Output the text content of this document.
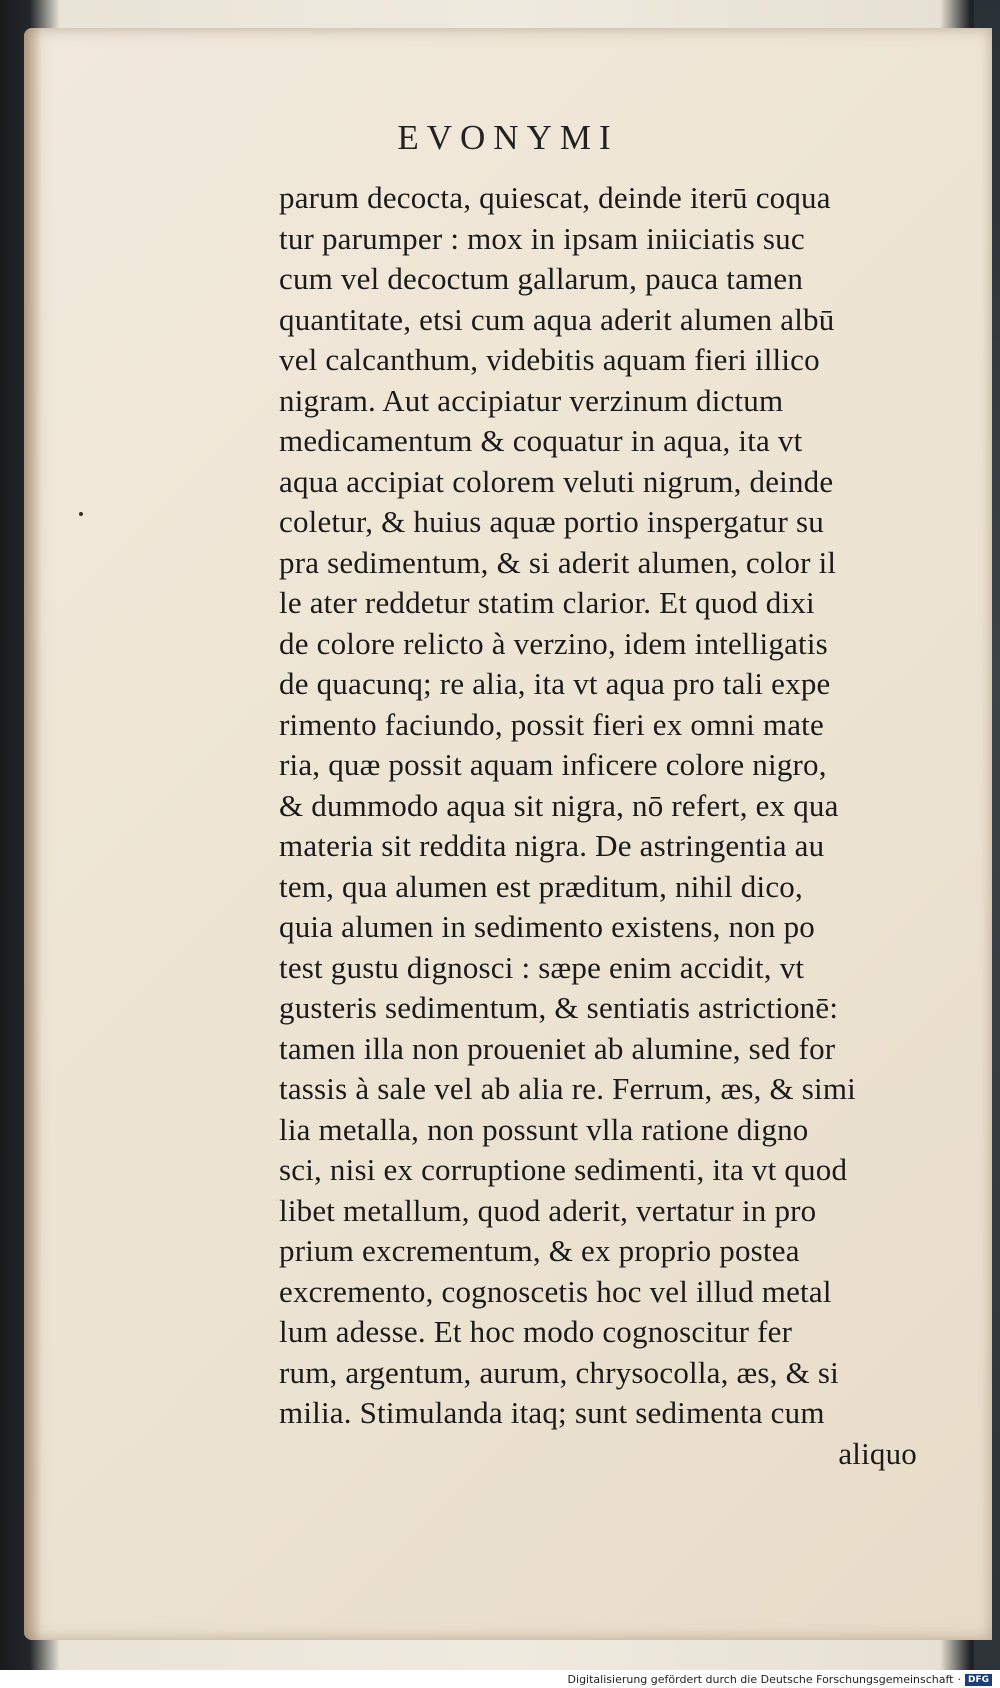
EVONYMI
parum decocta, quiescat, deinde iterū coqua
tur parumper : mox in ipsam iniiciatis suc
cum vel decoctum gallarum, pauca tamen
quantitate, etsi cum aqua aderit alumen albū
vel calcanthum, videbitis aquam fieri illico
nigram. Aut accipiatur verzinum dictum
medicamentum & coquatur in aqua, ita vt
aqua accipiat colorem veluti nigrum, deinde
coletur, & huius aquæ portio inspergatur su
pra sedimentum, & si aderit alumen, color il
le ater reddetur statim clarior. Et quod dixi
de colore relicto à verzino, idem intelligatis
de quacunq; re alia, ita vt aqua pro tali expe
rimento faciundo, possit fieri ex omni mate
ria, quæ possit aquam inficere colore nigro,
& dummodo aqua sit nigra, nō refert, ex qua
materia sit reddita nigra. De astringentia au
tem, qua alumen est præditum, nihil dico,
quia alumen in sedimento existens, non po
test gustu dignosci : sæpe enim accidit, vt
gusteris sedimentum, & sentiatis astrictionē:
tamen illa non proueniet ab alumine, sed for
tassis à sale vel ab alia re. Ferrum, æs, & simi
lia metalla, non possunt vlla ratione digno
sci, nisi ex corruptione sedimenti, ita vt quod
libet metallum, quod aderit, vertatur in pro
prium excrementum, & ex proprio postea
excremento, cognoscetis hoc vel illud metal
lum adesse. Et hoc modo cognoscitur fer
rum, argentum, aurum, chrysocolla, æs, & si
milia. Stimulanda itaq; sunt sedimenta cum
aliquo
Digitalisierung gefördert durch die Deutsche Forschungsgemeinschaft · DFG
